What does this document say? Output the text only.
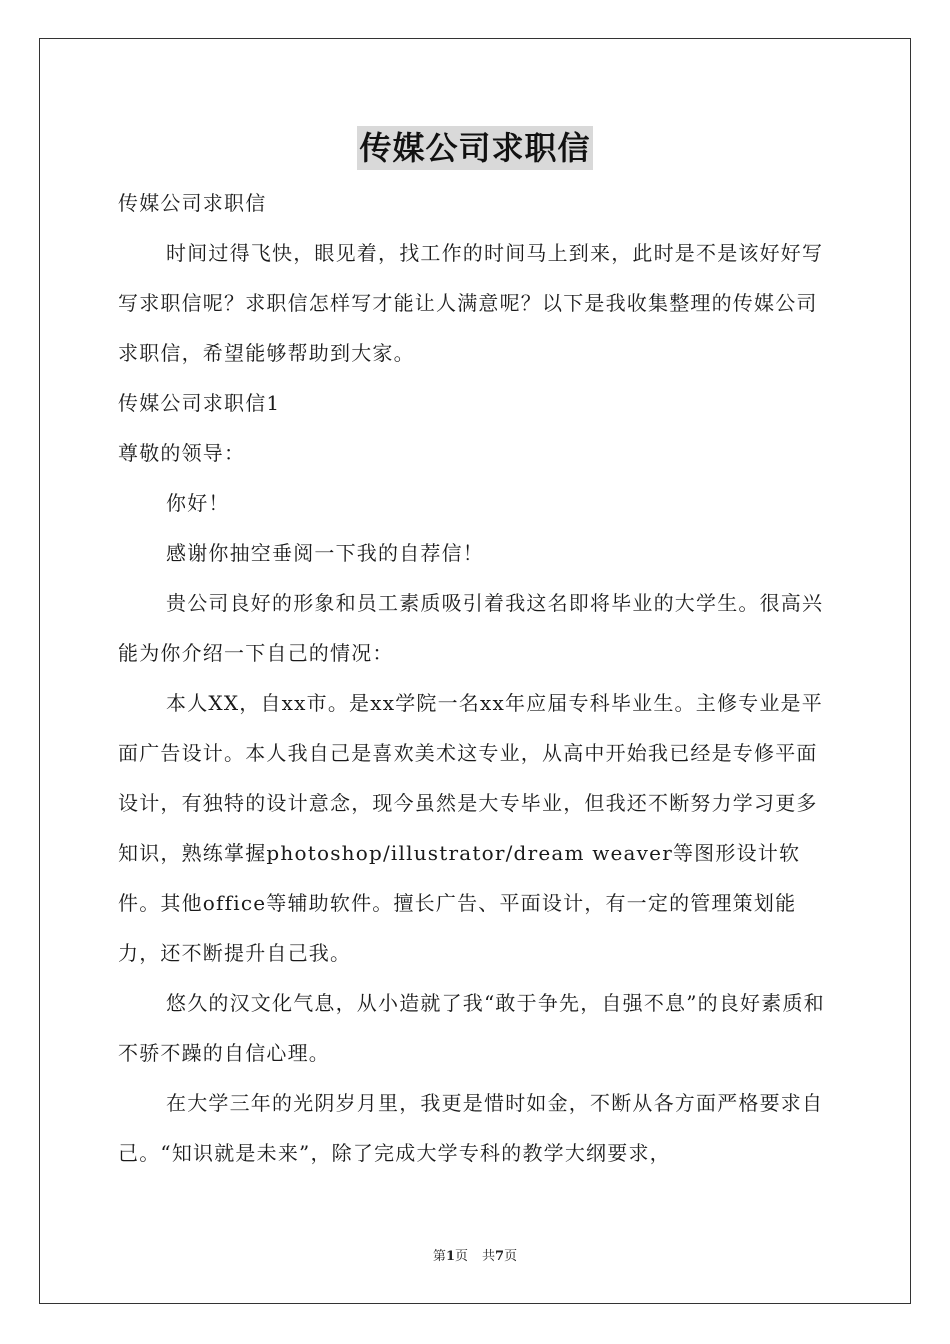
传媒公司求职信

传媒公司求职信

时间过得飞快，眼见着，找工作的时间马上到来，此时是不是该好好写写求职信呢？求职信怎样写才能让人满意呢？以下是我收集整理的传媒公司求职信，希望能够帮助到大家。

传媒公司求职信1

尊敬的领导：

你好！

感谢你抽空垂阅一下我的自荐信！

贵公司良好的形象和员工素质吸引着我这名即将毕业的大学生。很高兴能为你介绍一下自己的情况：

本人XX，自xx市。是xx学院一名xx年应届专科毕业生。主修专业是平面广告设计。本人我自己是喜欢美术这专业，从高中开始我已经是专修平面设计，有独特的设计意念，现今虽然是大专毕业，但我还不断努力学习更多知识，熟练掌握photoshop/illustrator/dream weaver等图形设计软件。其他office等辅助软件。擅长广告、平面设计，有一定的管理策划能力，还不断提升自己我。

悠久的汉文化气息，从小造就了我“敢于争先，自强不息”的良好素质和不骄不躁的自信心理。

在大学三年的光阴岁月里，我更是惜时如金，不断从各方面严格要求自己。“知识就是未来”，除了完成大学专科的教学大纲要求，

第1页 共7页
